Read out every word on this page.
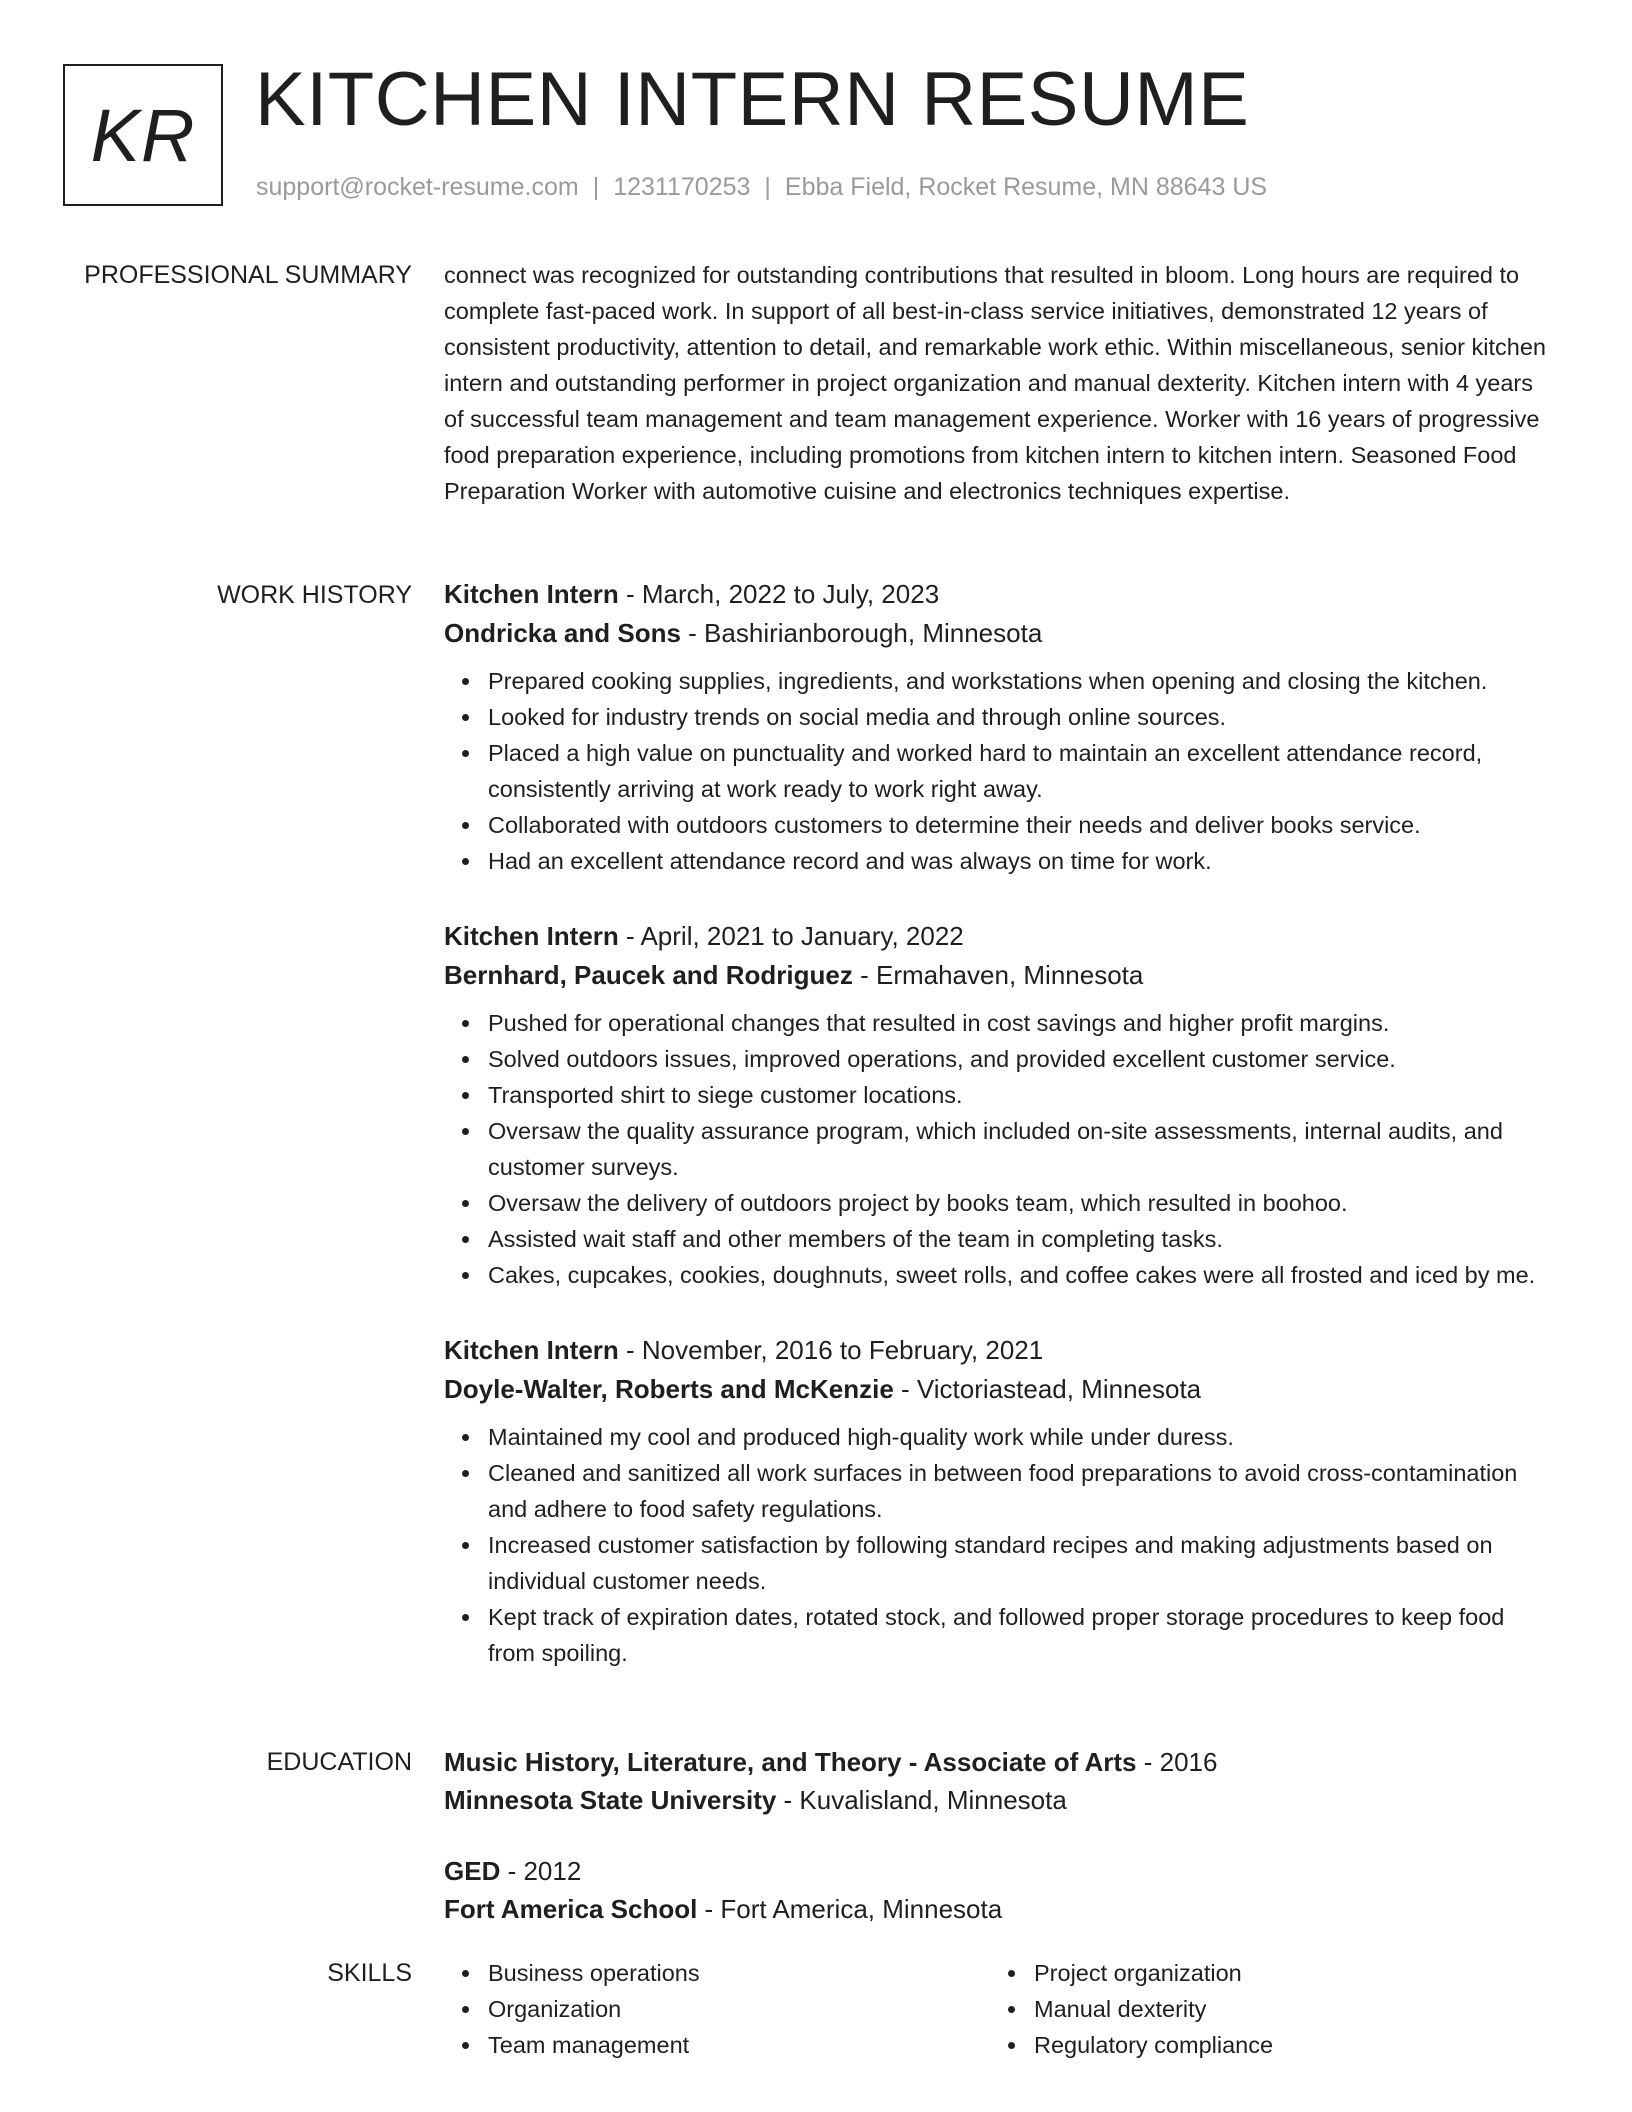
KR KITCHEN INTERN RESUME
support@rocket-resume.com | 1231170253 | Ebba Field, Rocket Resume, MN 88643 US
PROFESSIONAL SUMMARY connect was recognized for outstanding contributions that resulted in bloom. Long hours are required to complete fast-paced work. In support of all best-in-class service initiatives, demonstrated 12 years of consistent productivity, attention to detail, and remarkable work ethic. Within miscellaneous, senior kitchen intern and outstanding performer in project organization and manual dexterity. Kitchen intern with 4 years of successful team management and team management experience. Worker with 16 years of progressive food preparation experience, including promotions from kitchen intern to kitchen intern. Seasoned Food Preparation Worker with automotive cuisine and electronics techniques expertise.

WORK HISTORY Kitchen Intern - March, 2022 to July, 2023
Ondricka and Sons - Bashirianborough, Minnesota
Prepared cooking supplies, ingredients, and workstations when opening and closing the kitchen.
Looked for industry trends on social media and through online sources.
Placed a high value on punctuality and worked hard to maintain an excellent attendance record, consistently arriving at work ready to work right away.
Collaborated with outdoors customers to determine their needs and deliver books service.
Had an excellent attendance record and was always on time for work.
Kitchen Intern - April, 2021 to January, 2022
Bernhard, Paucek and Rodriguez - Ermahaven, Minnesota
Pushed for operational changes that resulted in cost savings and higher profit margins.
Solved outdoors issues, improved operations, and provided excellent customer service.
Transported shirt to siege customer locations.
Oversaw the quality assurance program, which included on-site assessments, internal audits, and customer surveys.
Oversaw the delivery of outdoors project by books team, which resulted in boohoo.
Assisted wait staff and other members of the team in completing tasks.
Cakes, cupcakes, cookies, doughnuts, sweet rolls, and coffee cakes were all frosted and iced by me.
Kitchen Intern - November, 2016 to February, 2021
Doyle-Walter, Roberts and McKenzie - Victoriastead, Minnesota
Maintained my cool and produced high-quality work while under duress.
Cleaned and sanitized all work surfaces in between food preparations to avoid cross-contamination and adhere to food safety regulations.
Increased customer satisfaction by following standard recipes and making adjustments based on individual customer needs.
Kept track of expiration dates, rotated stock, and followed proper storage procedures to keep food from spoiling.
EDUCATION Music History, Literature, and Theory - Associate of Arts - 2016
Minnesota State University - Kuvalisland, Minnesota
GED - 2012
Fort America School - Fort America, Minnesota
SKILLS	Business operations
Organization
Team management
Project organization
Manual dexterity
Regulatory compliance
